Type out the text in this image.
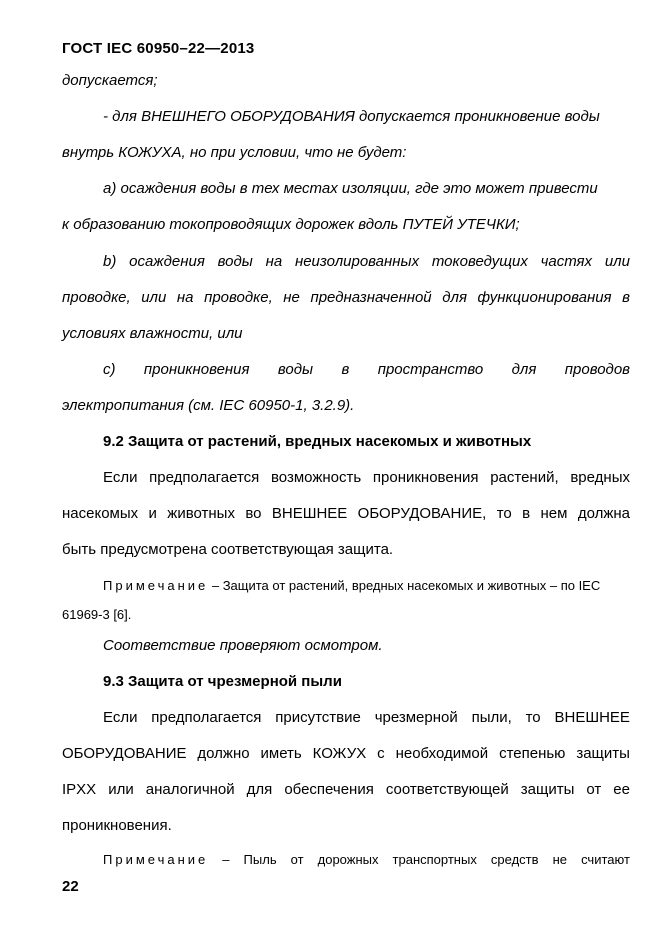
ГОСТ IEC 60950–22—2013
допускается;
- для ВНЕШНЕГО ОБОРУДОВАНИЯ допускается проникновение воды
внутрь КОЖУХА, но при условии, что не будет:
а) осаждения воды в тех местах изоляции, где это может привести
к образованию токопроводящих дорожек вдоль ПУТЕЙ УТЕЧКИ;
b) осаждения воды на неизолированных токоведущих частях или
проводке, или на проводке, не предназначенной для функционирования в
условиях влажности, или
с) проникновения воды в пространство для проводов
электропитания (см. IEC 60950-1, 3.2.9).
9.2 Защита от растений, вредных насекомых и животных
Если предполагается возможность проникновения растений, вредных
насекомых и животных во ВНЕШНЕЕ ОБОРУДОВАНИЕ, то в нем должна
быть предусмотрена соответствующая защита.
Примечание – Защита от растений, вредных насекомых и животных – по IEC
61969-3 [6].
Соответствие проверяют осмотром.
9.3 Защита от чрезмерной пыли
Если предполагается присутствие чрезмерной пыли, то ВНЕШНЕЕ
ОБОРУДОВАНИЕ должно иметь КОЖУХ с необходимой степенью защиты
IPXX или аналогичной для обеспечения соответствующей защиты от ее
проникновения.
Примечание – Пыль от дорожных транспортных средств не считают
22
